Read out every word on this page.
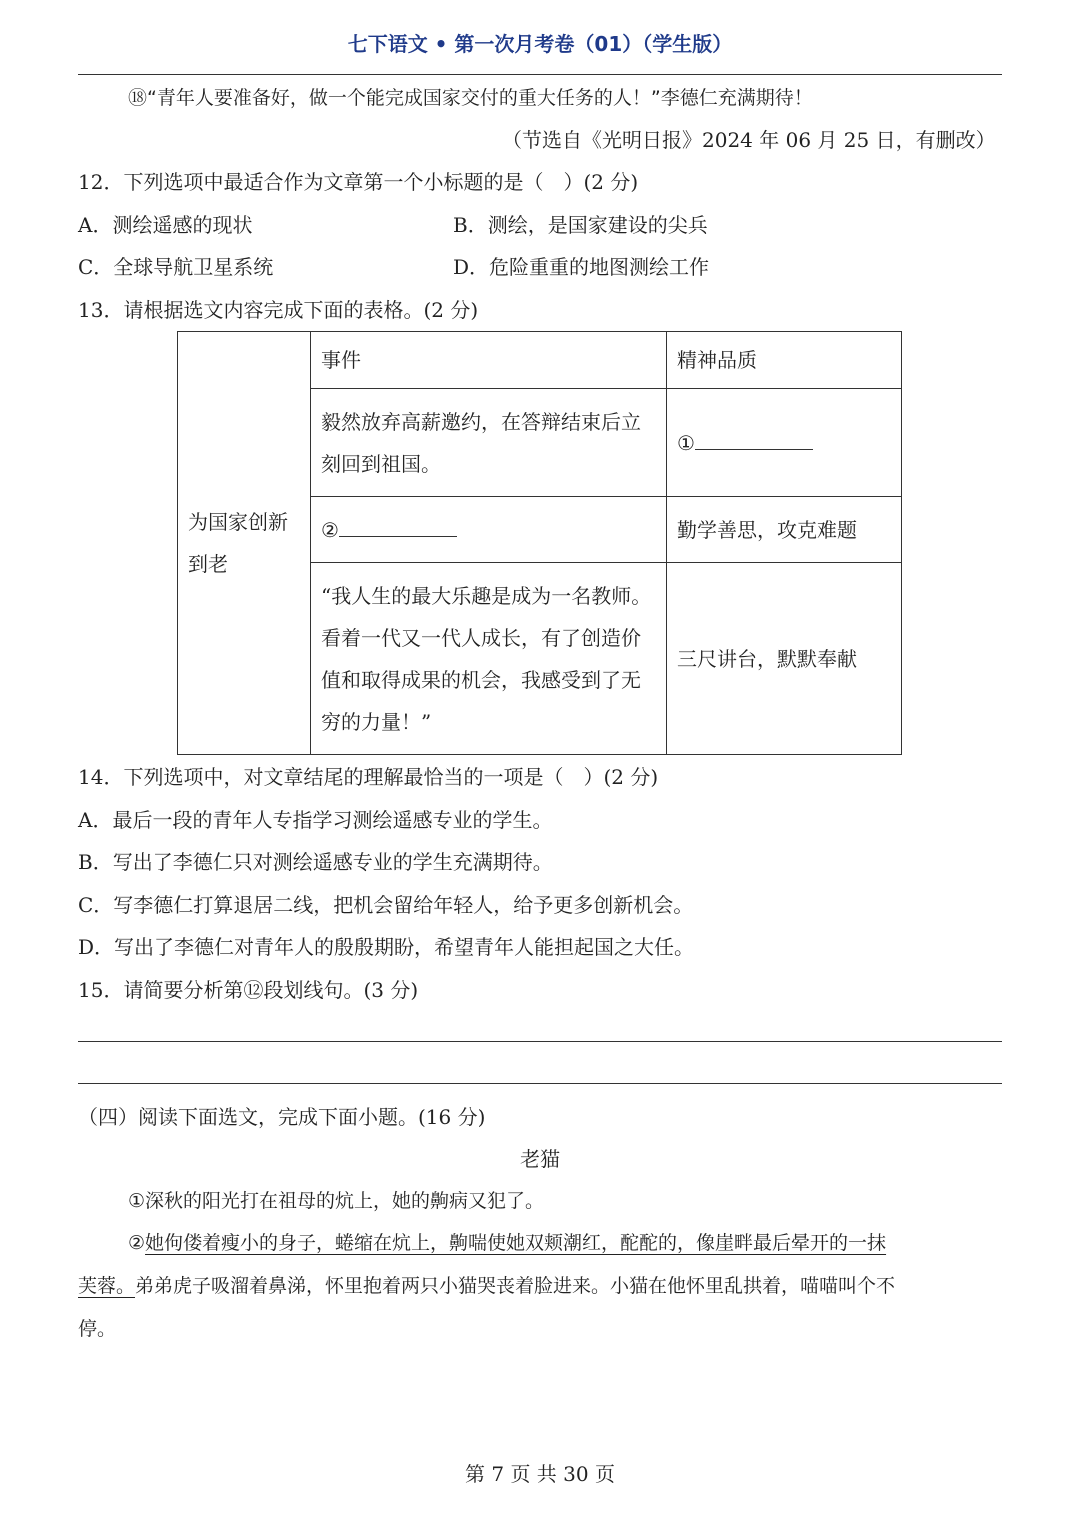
七下语文 • 第一次月考卷（01）（学生版）
⑱“青年人要准备好，做一个能完成国家交付的重大任务的人！”李德仁充满期待！
（节选自《光明日报》2024 年 06 月 25 日，有删改）
12．下列选项中最适合作为文章第一个小标题的是（　）(2 分)
A．测绘遥感的现状	B．测绘，是国家建设的尖兵
C．全球导航卫星系统	D．危险重重的地图测绘工作
13．请根据选文内容完成下面的表格。(2 分)
为国家创新到老	事件	精神品质
	毅然放弃高薪邀约，在答辩结束后立刻回到祖国。	①
	②	勤学善思，攻克难题
	“我人生的最大乐趣是成为一名教师。看着一代又一代人成长，有了创造价值和取得成果的机会，我感受到了无穷的力量！”	三尺讲台，默默奉献
14．下列选项中，对文章结尾的理解最恰当的一项是（　）(2 分)
A．最后一段的青年人专指学习测绘遥感专业的学生。
B．写出了李德仁只对测绘遥感专业的学生充满期待。
C．写李德仁打算退居二线，把机会留给年轻人，给予更多创新机会。
D．写出了李德仁对青年人的殷殷期盼，希望青年人能担起国之大任。
15．请简要分析第⑫段划线句。(3 分)
（四）阅读下面选文，完成下面小题。(16 分)
老猫
①深秋的阳光打在祖母的炕上，她的齁病又犯了。
②她佝偻着瘦小的身子，蜷缩在炕上，齁喘使她双颊潮红，酡酡的，像崖畔最后晕开的一抹
芙蓉。弟弟虎子吸溜着鼻涕，怀里抱着两只小猫哭丧着脸进来。小猫在他怀里乱拱着，喵喵叫个不
停。
第 7 页 共 30 页
